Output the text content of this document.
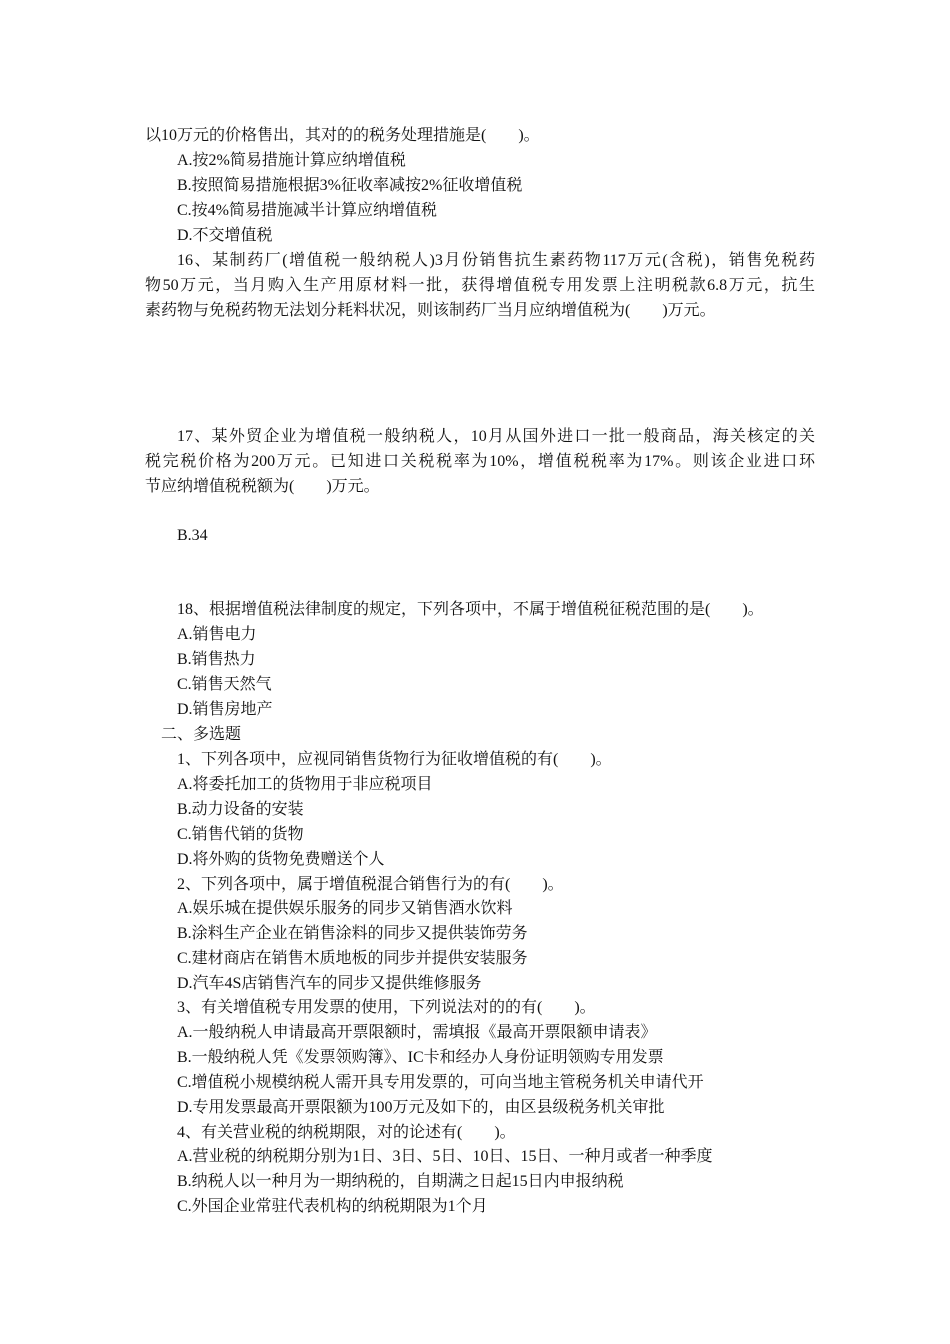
以10万元的价格售出，其对的的税务处理措施是(　　)。
A.按2%简易措施计算应纳增值税
B.按照简易措施根据3%征收率减按2%征收增值税
C.按4%简易措施减半计算应纳增值税
D.不交增值税
16、某制药厂(增值税一般纳税人)3月份销售抗生素药物117万元(含税)，销售免税药
物50万元，当月购入生产用原材料一批，获得增值税专用发票上注明税款6.8万元，抗生
素药物与免税药物无法划分耗料状况，则该制药厂当月应纳增值税为(　　)万元。
17、某外贸企业为增值税一般纳税人，10月从国外进口一批一般商品，海关核定的关
税完税价格为200万元。已知进口关税税率为10%，增值税税率为17%。则该企业进口环
节应纳增值税税额为(　　)万元。
B.34
18、根据增值税法律制度的规定，下列各项中，不属于增值税征税范围的是(　　)。
A.销售电力
B.销售热力
C.销售天然气
D.销售房地产
二、多选题
1、下列各项中，应视同销售货物行为征收增值税的有(　　)。
A.将委托加工的货物用于非应税项目
B.动力设备的安装
C.销售代销的货物
D.将外购的货物免费赠送个人
2、下列各项中，属于增值税混合销售行为的有(　　)。
A.娱乐城在提供娱乐服务的同步又销售酒水饮料
B.涂料生产企业在销售涂料的同步又提供装饰劳务
C.建材商店在销售木质地板的同步并提供安装服务
D.汽车4S店销售汽车的同步又提供维修服务
3、有关增值税专用发票的使用，下列说法对的的有(　　)。
A.一般纳税人申请最高开票限额时，需填报《最高开票限额申请表》
B.一般纳税人凭《发票领购簿》、IC卡和经办人身份证明领购专用发票
C.增值税小规模纳税人需开具专用发票的，可向当地主管税务机关申请代开
D.专用发票最高开票限额为100万元及如下的，由区县级税务机关审批
4、有关营业税的纳税期限，对的论述有(　　)。
A.营业税的纳税期分别为1日、3日、5日、10日、15日、一种月或者一种季度
B.纳税人以一种月为一期纳税的，自期满之日起15日内申报纳税
C.外国企业常驻代表机构的纳税期限为1个月
